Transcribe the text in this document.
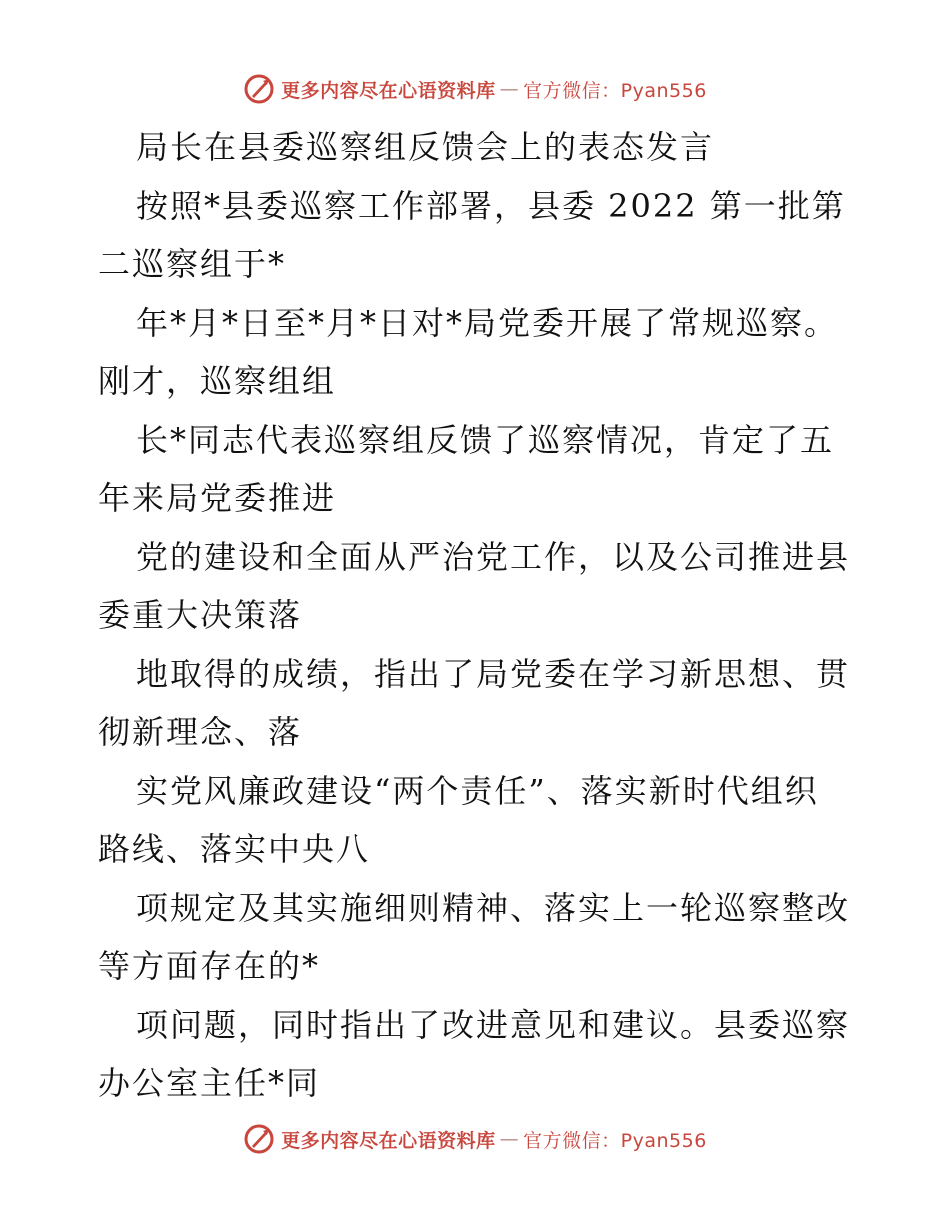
更多内容尽在心语资料库 — 官方微信：Pyan556
局长在县委巡察组反馈会上的表态发言
按照*县委巡察工作部署，县委 2022 第一批第
二巡察组于*
年*月*日至*月*日对*局党委开展了常规巡察。
刚才，巡察组组
长*同志代表巡察组反馈了巡察情况，肯定了五
年来局党委推进
党的建设和全面从严治党工作，以及公司推进县
委重大决策落
地取得的成绩，指出了局党委在学习新思想、贯
彻新理念、落
实党风廉政建设“两个责任”、落实新时代组织
路线、落实中央八
项规定及其实施细则精神、落实上一轮巡察整改
等方面存在的*
项问题，同时指出了改进意见和建议。县委巡察
办公室主任*同
更多内容尽在心语资料库 — 官方微信：Pyan556
